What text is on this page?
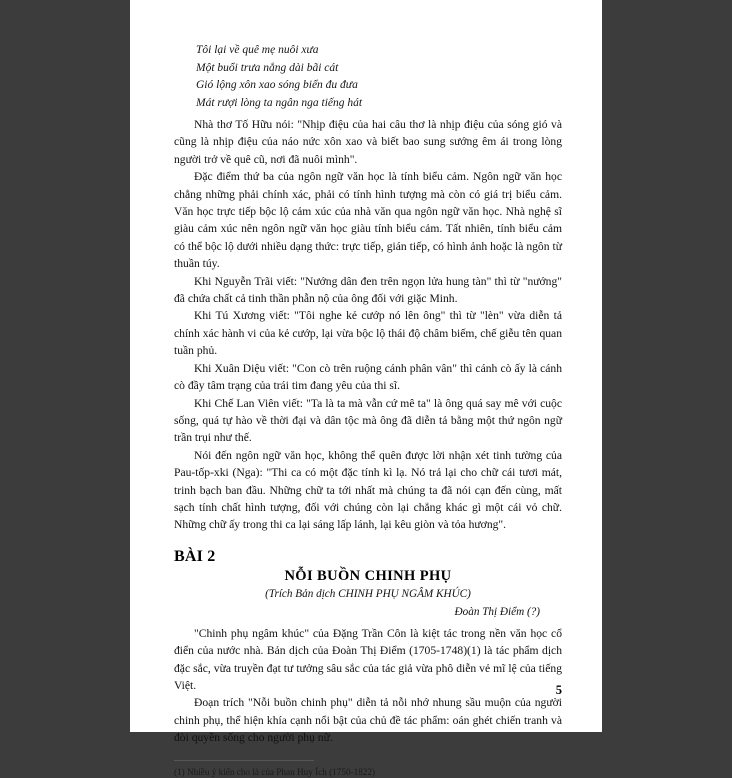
Tôi lại về quê mẹ nuôi xưa
Một buổi trưa nắng dài bãi cát
Gió lộng xôn xao sóng biển đu đưa
Mát rượi lòng ta ngân nga tiếng hát

Nhà thơ Tố Hữu nói: "Nhịp điệu của hai câu thơ là nhịp điệu của sóng gió và cũng là nhịp điệu của náo nức xôn xao và biết bao sung sướng êm ái trong lòng người trở về quê cũ, nơi đã nuôi mình".

Đặc điểm thứ ba của ngôn ngữ văn học là tính biểu cảm. Ngôn ngữ văn học chẳng những phải chính xác, phải có tính hình tượng mà còn có giá trị biểu cảm. Văn học trực tiếp bộc lộ cảm xúc của nhà văn qua ngôn ngữ văn học. Nhà nghệ sĩ giàu cảm xúc nên ngôn ngữ văn học giàu tính biểu cảm. Tất nhiên, tính biểu cảm có thể bộc lộ dưới nhiều dạng thức: trực tiếp, gián tiếp, có hình ảnh hoặc là ngôn từ thuần túy.

Khi Nguyễn Trãi viết: "Nướng dân đen trên ngọn lửa hung tàn" thì từ "nướng" đã chứa chất cả tinh thần phẫn nộ của ông đối với giặc Minh.

Khi Tú Xương viết: "Tôi nghe kẻ cướp nó lên ông" thì từ "lèn" vừa diễn tả chính xác hành vi của kẻ cướp, lại vừa bộc lộ thái độ châm biếm, chế giễu tên quan tuần phủ.

Khi Xuân Diệu viết: "Con cò trên ruộng cánh phân vân" thì cánh cò ấy là cánh cò đầy tâm trạng của trái tim đang yêu của thi sĩ.

Khi Chế Lan Viên viết: "Ta là ta mà vẫn cứ mê ta" là ông quá say mê với cuộc sống, quá tự hào về thời đại và dân tộc mà ông đã diễn tả bằng một thứ ngôn ngữ trần trụi như thế.

Nói đến ngôn ngữ văn học, không thể quên được lời nhận xét tinh tường của Pau-tốp-xki (Nga): "Thi ca có một đặc tính kì lạ. Nó trả lại cho chữ cái tươi mát, trinh bạch ban đầu. Những chữ ta tới nhất mà chúng ta đã nói cạn đến cùng, mất sạch tính chất hình tượng, đối với chúng còn lại chẳng khác gì một cái vỏ chữ. Những chữ ấy trong thi ca lại sáng lấp lánh, lại kêu giòn và tỏa hương".

BÀI 2
NỖI BUỒN CHINH PHỤ
(Trích Bản dịch CHINH PHỤ NGÂM KHÚC)
Đoàn Thị Điểm (?)

"Chinh phụ ngâm khúc" của Đặng Trần Côn là kiệt tác trong nền văn học cổ điển của nước nhà. Bản dịch của Đoàn Thị Điểm (1705-1748)(1) là tác phẩm dịch đặc sắc, vừa truyền đạt tư tưởng sâu sắc của tác giả vừa phô diễn vẻ mĩ lệ của tiếng Việt.

Đoạn trích "Nỗi buồn chinh phụ" diễn tả nỗi nhớ nhung sầu muộn của người chinh phụ, thể hiện khía cạnh nổi bật của chủ đề tác phẩm: oán ghét chiến tranh và đòi quyền sống cho người phụ nữ.

(1) Nhiều ý kiến cho là của Phan Huy Ích (1750-1822)

5
